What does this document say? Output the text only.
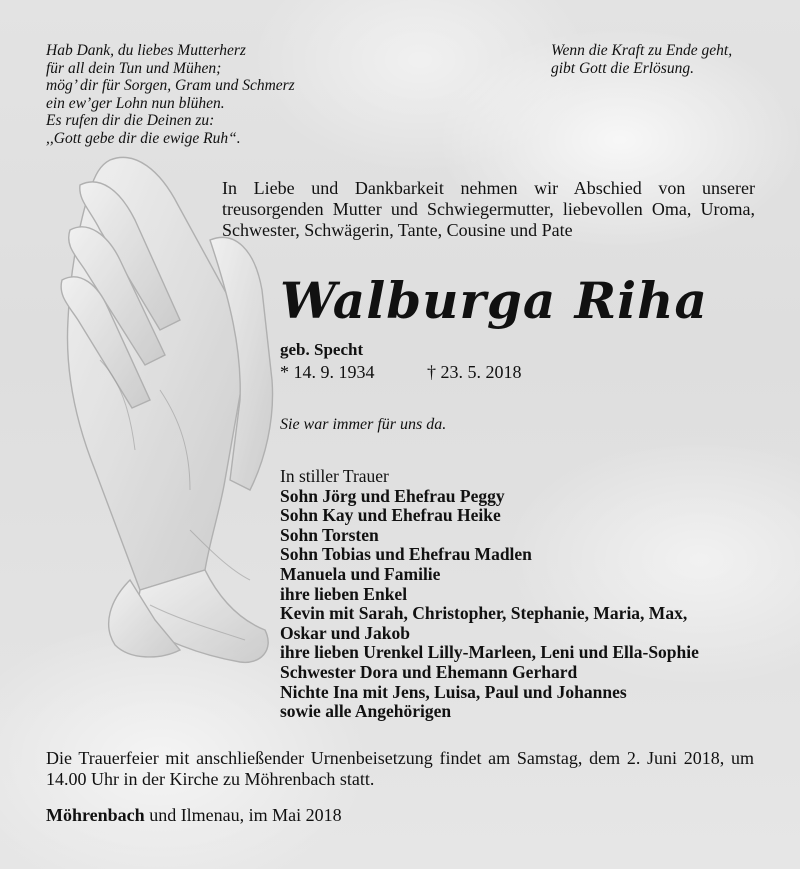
Hab Dank, du liebes Mutterherz
für all dein Tun und Mühen;
mög’ dir für Sorgen, Gram und Schmerz
ein ew’ger Lohn nun blühen.
Es rufen dir die Deinen zu:
,,Gott gebe dir die ewige Ruh“.
Wenn die Kraft zu Ende geht,
gibt Gott die Erlösung.
In Liebe und Dankbarkeit nehmen wir Abschied von unserer treusorgenden Mutter und Schwiegermutter, liebevollen Oma, Uroma, Schwester, Schwägerin, Tante, Cousine und Pate
Walburga Riha
geb. Specht
* 14. 9. 1934	† 23. 5. 2018
Sie war immer für uns da.
In stiller Trauer
Sohn Jörg und Ehefrau Peggy
Sohn Kay und Ehefrau Heike
Sohn Torsten
Sohn Tobias und Ehefrau Madlen
Manuela und Familie
ihre lieben Enkel
Kevin mit Sarah, Christopher, Stephanie, Maria, Max,
Oskar und Jakob
ihre lieben Urenkel Lilly-Marleen, Leni und Ella-Sophie
Schwester Dora und Ehemann Gerhard
Nichte Ina mit Jens, Luisa, Paul und Johannes
sowie alle Angehörigen
Die Trauerfeier mit anschließender Urnenbeisetzung findet am Samstag, dem 2. Juni 2018, um 14.00 Uhr in der Kirche zu Möhrenbach statt.
Möhrenbach und Ilmenau, im Mai 2018
